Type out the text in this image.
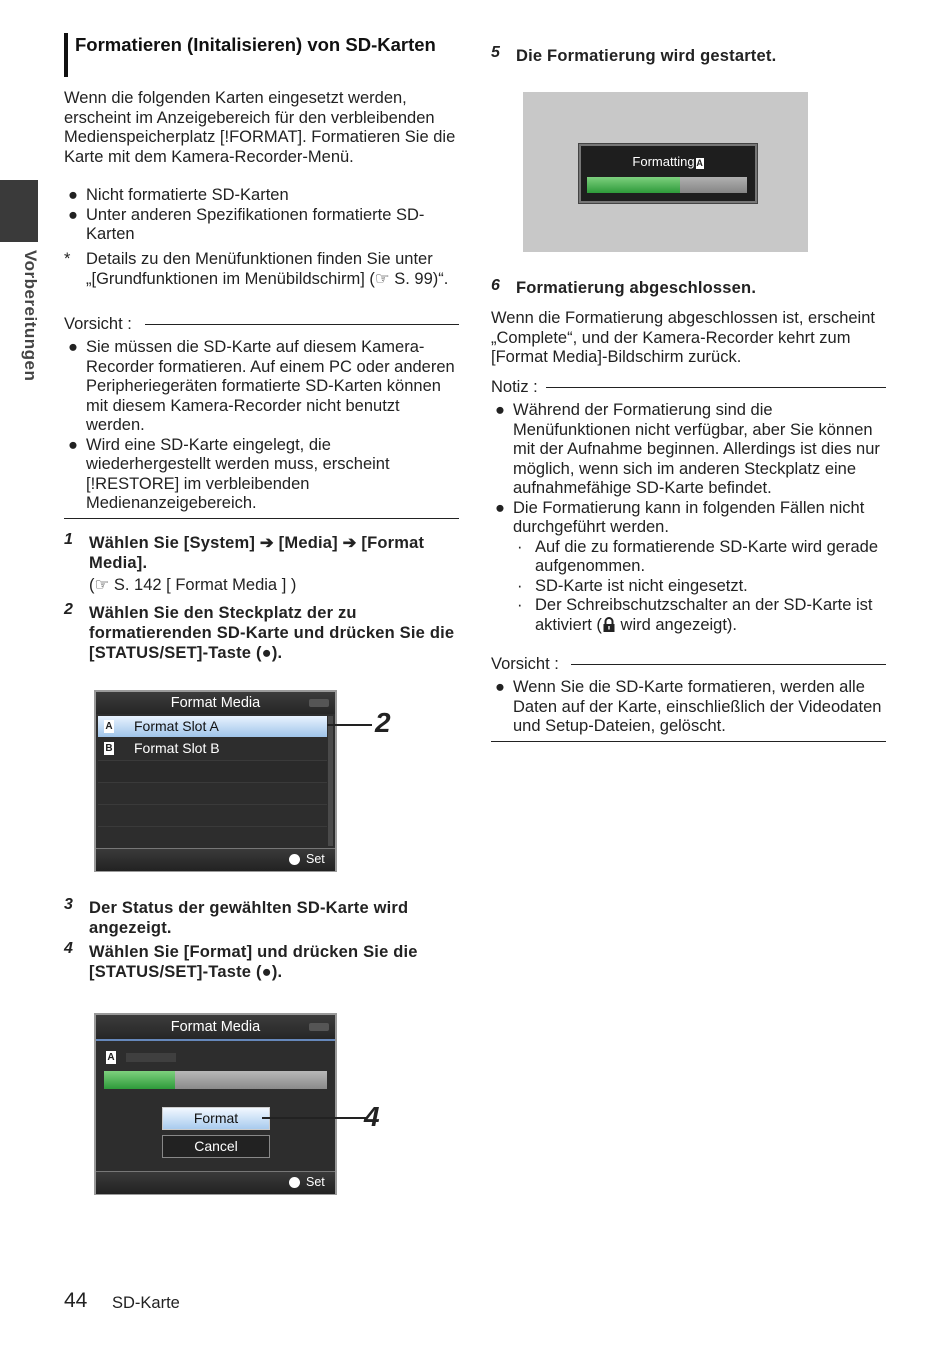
Vorbereitungen
Formatieren (Initalisieren) von SD-Karten
Wenn die folgenden Karten eingesetzt werden, erscheint im Anzeigebereich für den verbleibenden Medienspeicherplatz [!FORMAT]. Formatieren Sie die Karte mit dem Kamera-Recorder-Menü.
● Nicht formatierte SD-Karten
● Unter anderen Spezifikationen formatierte SD-Karten
* Details zu den Menüfunktionen finden Sie unter „[Grundfunktionen im Menübildschirm] (☞ S. 99)“.
Vorsicht :
● Sie müssen die SD-Karte auf diesem Kamera-Recorder formatieren. Auf einem PC oder anderen Peripheriegeräten formatierte SD-Karten können mit diesem Kamera-Recorder nicht benutzt werden.
● Wird eine SD-Karte eingelegt, die wiederhergestellt werden muss, erscheint [!RESTORE] im verbleibenden Medienanzeigebereich.
1 Wählen Sie [System] ➔ [Media] ➔ [Format Media].
(☞ S. 142 [ Format Media ] )
2 Wählen Sie den Steckplatz der zu formatierenden SD-Karte und drücken Sie die [STATUS/SET]-Taste (●).
Format Media
A Format Slot A
B Format Slot B
Set
2
3 Der Status der gewählten SD-Karte wird angezeigt.
4 Wählen Sie [Format] und drücken Sie die [STATUS/SET]-Taste (●).
Format Media
A
Format
Cancel
Set
4
5 Die Formatierung wird gestartet.
Formatting A
6 Formatierung abgeschlossen.
Wenn die Formatierung abgeschlossen ist, erscheint „Complete“, und der Kamera-Recorder kehrt zum [Format Media]-Bildschirm zurück.
Notiz :
● Während der Formatierung sind die Menüfunktionen nicht verfügbar, aber Sie können mit der Aufnahme beginnen. Allerdings ist dies nur möglich, wenn sich im anderen Steckplatz eine aufnahmefähige SD-Karte befindet.
● Die Formatierung kann in folgenden Fällen nicht durchgeführt werden.
· Auf die zu formatierende SD-Karte wird gerade aufgenommen.
· SD-Karte ist nicht eingesetzt.
· Der Schreibschutzschalter an der SD-Karte ist aktiviert ( wird angezeigt).
Vorsicht :
● Wenn Sie die SD-Karte formatieren, werden alle Daten auf der Karte, einschließlich der Videodaten und Setup-Dateien, gelöscht.
44 SD-Karte
